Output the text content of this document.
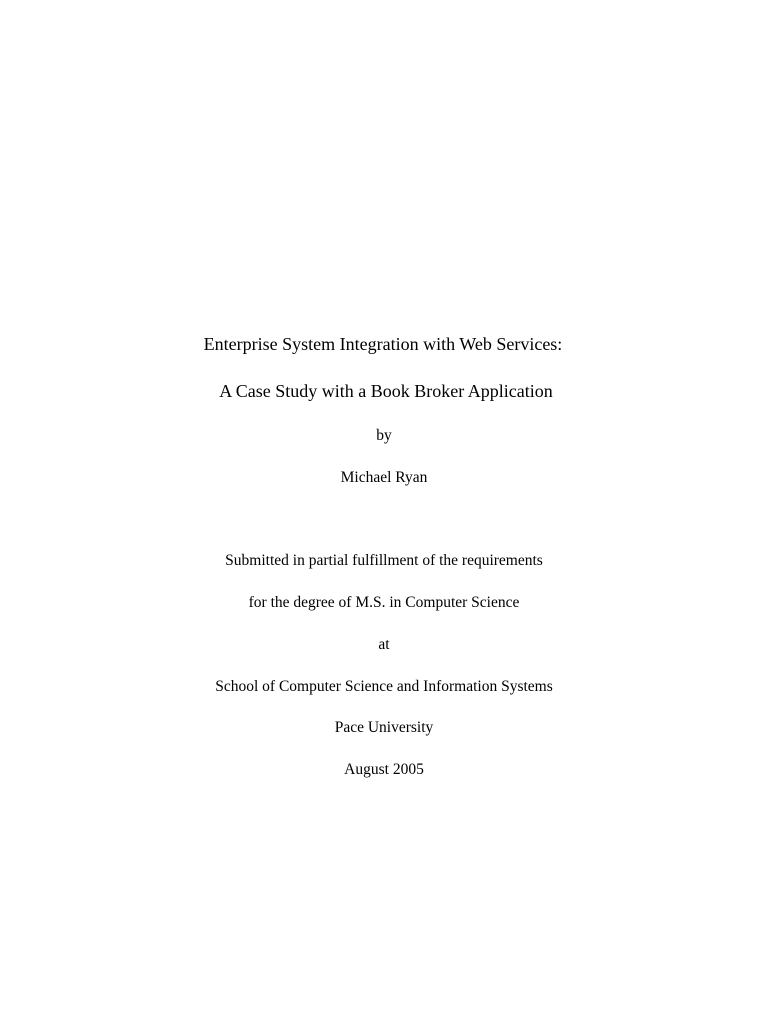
Enterprise System Integration with Web Services:
A Case Study with a Book Broker Application
by
Michael Ryan
Submitted in partial fulfillment of the requirements
for the degree of M.S. in Computer Science
at
School of Computer Science and Information Systems
Pace University
August 2005
